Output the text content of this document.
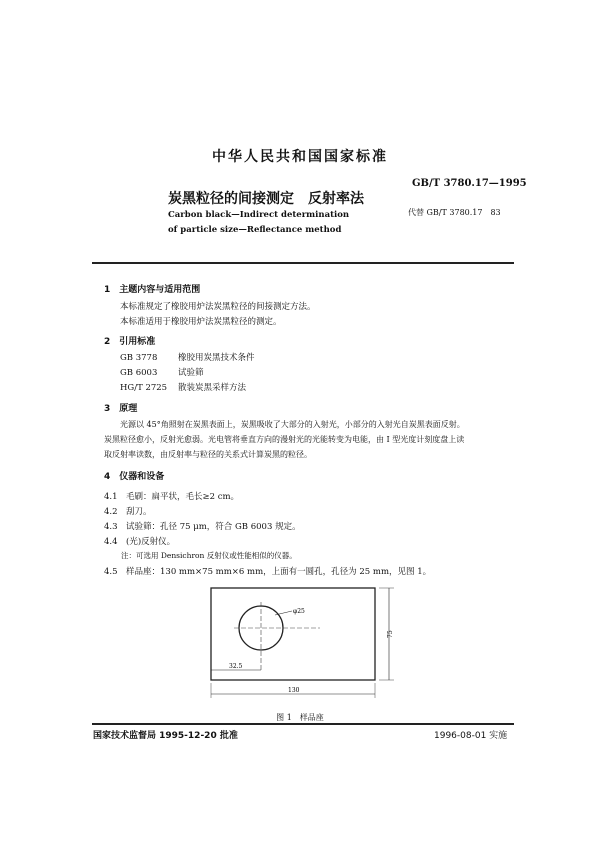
中华人民共和国国家标准
炭黑粒径的间接测定　反射率法
GB/T 3780.17—1995
Carbon black—Indirect determination
of particle size—Reflectance method
代替 GB/T 3780.17　83
1　主题内容与适用范围
本标准规定了橡胶用炉法炭黑粒径的间接测定方法。
本标准适用于橡胶用炉法炭黑粒径的测定。
2　引用标准
GB 3778 橡胶用炭黑技术条件
GB 6003 试验筛
HG/T 2725 散装炭黑采样方法
3　原理
光源以 45°角照射在炭黑表面上，炭黑吸收了大部分的入射光，小部分的入射光自炭黑表面反射。
炭黑粒径愈小，反射光愈弱。光电管将垂直方向的漫射光的光能转变为电能，由 I 型光度计刻度盘上读
取反射率读数，由反射率与粒径的关系式计算炭黑的粒径。
4　仪器和设备
4.1 毛刷：扁平状，毛长≥2 cm。
4.2 刮刀。
4.3 试验筛：孔径 75 μm，符合 GB 6003 规定。
4.4 (光)反射仪。
注：可选用 Densichron 反射仪或性能相似的仪器。
4.5 样品座：130 mm×75 mm×6 mm，上面有一圆孔，孔径为 25 mm，见图 1。
φ25
75
32.5
130
图 1　样品座
国家技术监督局 1995-12-20 批准	1996-08-01 实施
